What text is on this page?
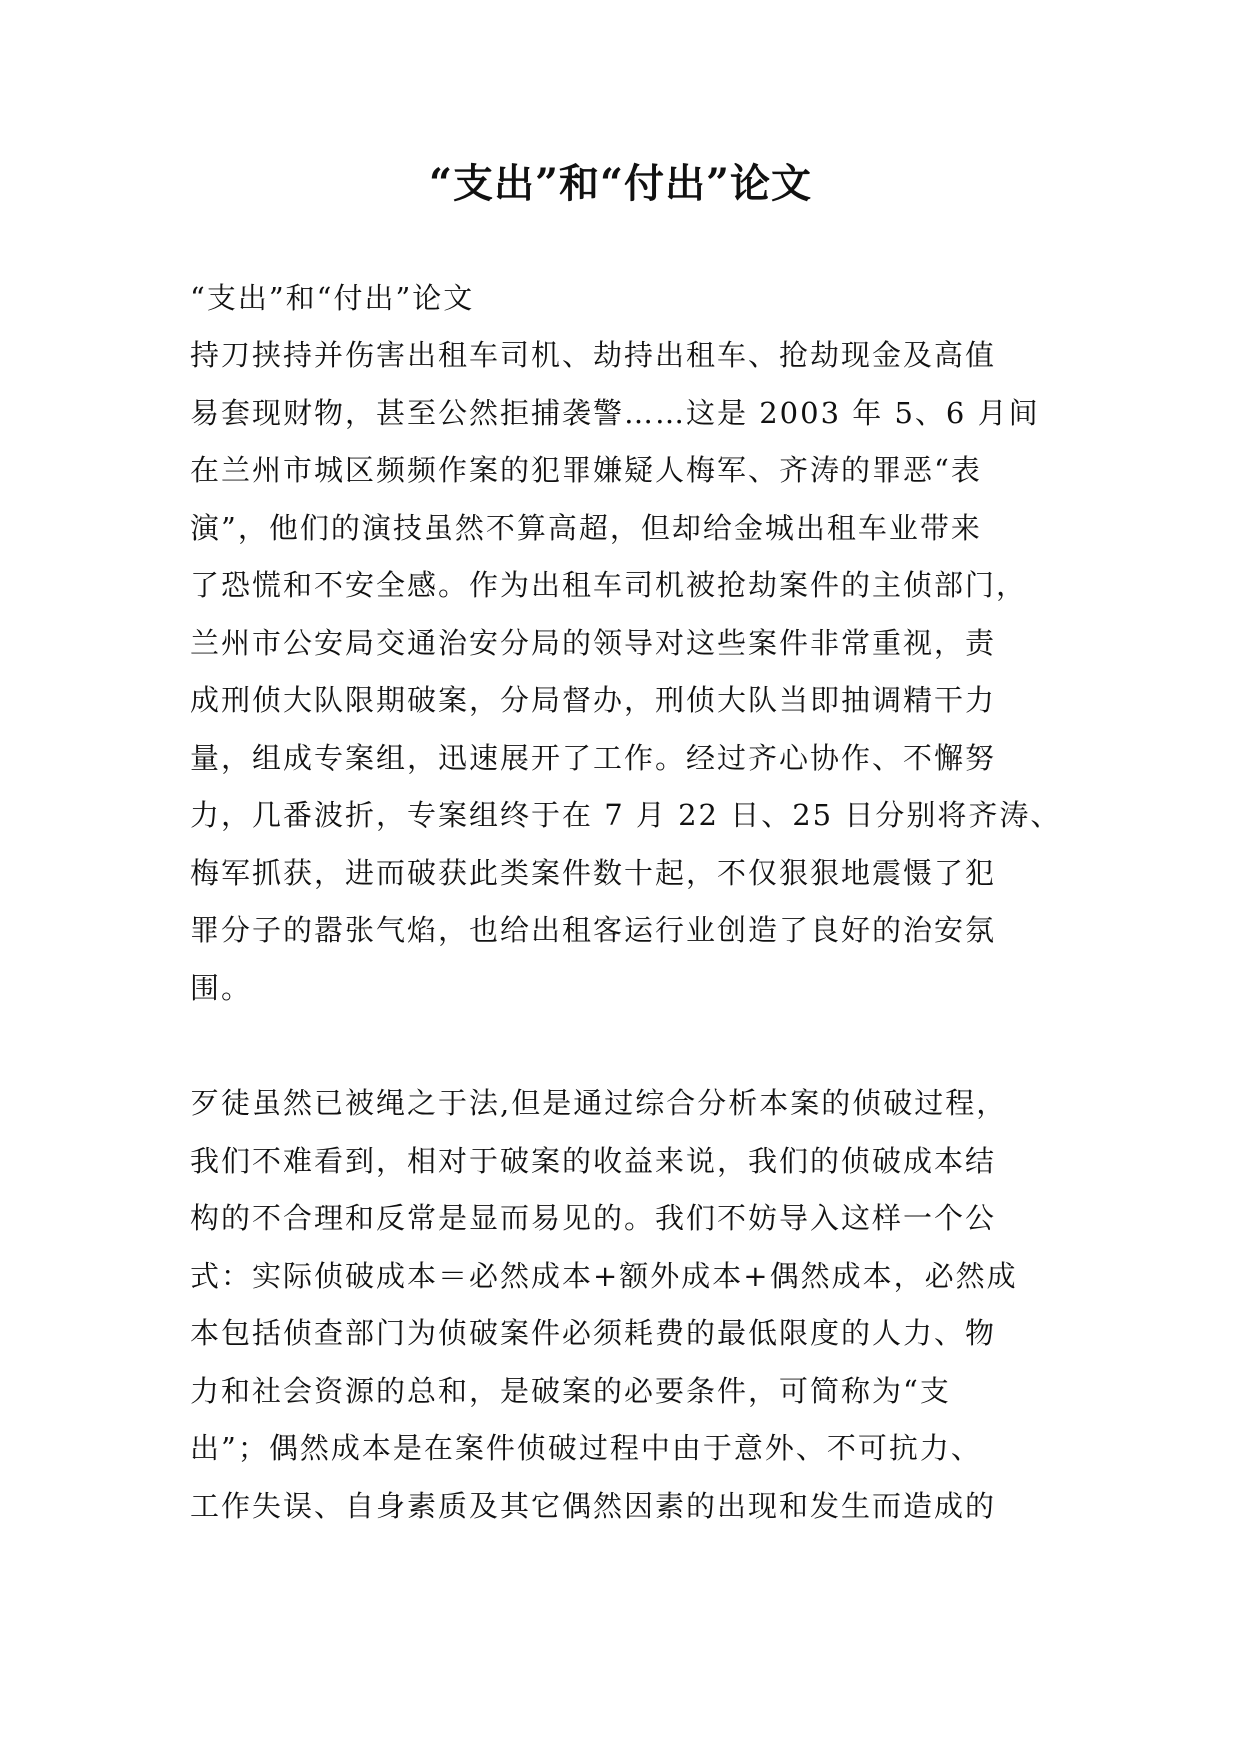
“支出”和“付出”论文

“支出”和“付出”论文

持刀挟持并伤害出租车司机、劫持出租车、抢劫现金及高值
易套现财物，甚至公然拒捕袭警……这是 2003 年 5、6 月间
在兰州市城区频频作案的犯罪嫌疑人梅军、齐涛的罪恶“表
演”，他们的演技虽然不算高超，但却给金城出租车业带来
了恐慌和不安全感。作为出租车司机被抢劫案件的主侦部门，
兰州市公安局交通治安分局的领导对这些案件非常重视，责
成刑侦大队限期破案，分局督办，刑侦大队当即抽调精干力
量，组成专案组，迅速展开了工作。经过齐心协作、不懈努
力，几番波折，专案组终于在 7 月 22 日、25 日分别将齐涛、
梅军抓获，进而破获此类案件数十起，不仅狠狠地震慑了犯
罪分子的嚣张气焰，也给出租客运行业创造了良好的治安氛
围。
歹徒虽然已被绳之于法,但是通过综合分析本案的侦破过程，
我们不难看到，相对于破案的收益来说，我们的侦破成本结
构的不合理和反常是显而易见的。我们不妨导入这样一个公
式：实际侦破成本＝必然成本+额外成本+偶然成本，必然成
本包括侦查部门为侦破案件必须耗费的最低限度的人力、物
力和社会资源的总和，是破案的必要条件，可简称为“支
出”；偶然成本是在案件侦破过程中由于意外、不可抗力、
工作失误、自身素质及其它偶然因素的出现和发生而造成的
